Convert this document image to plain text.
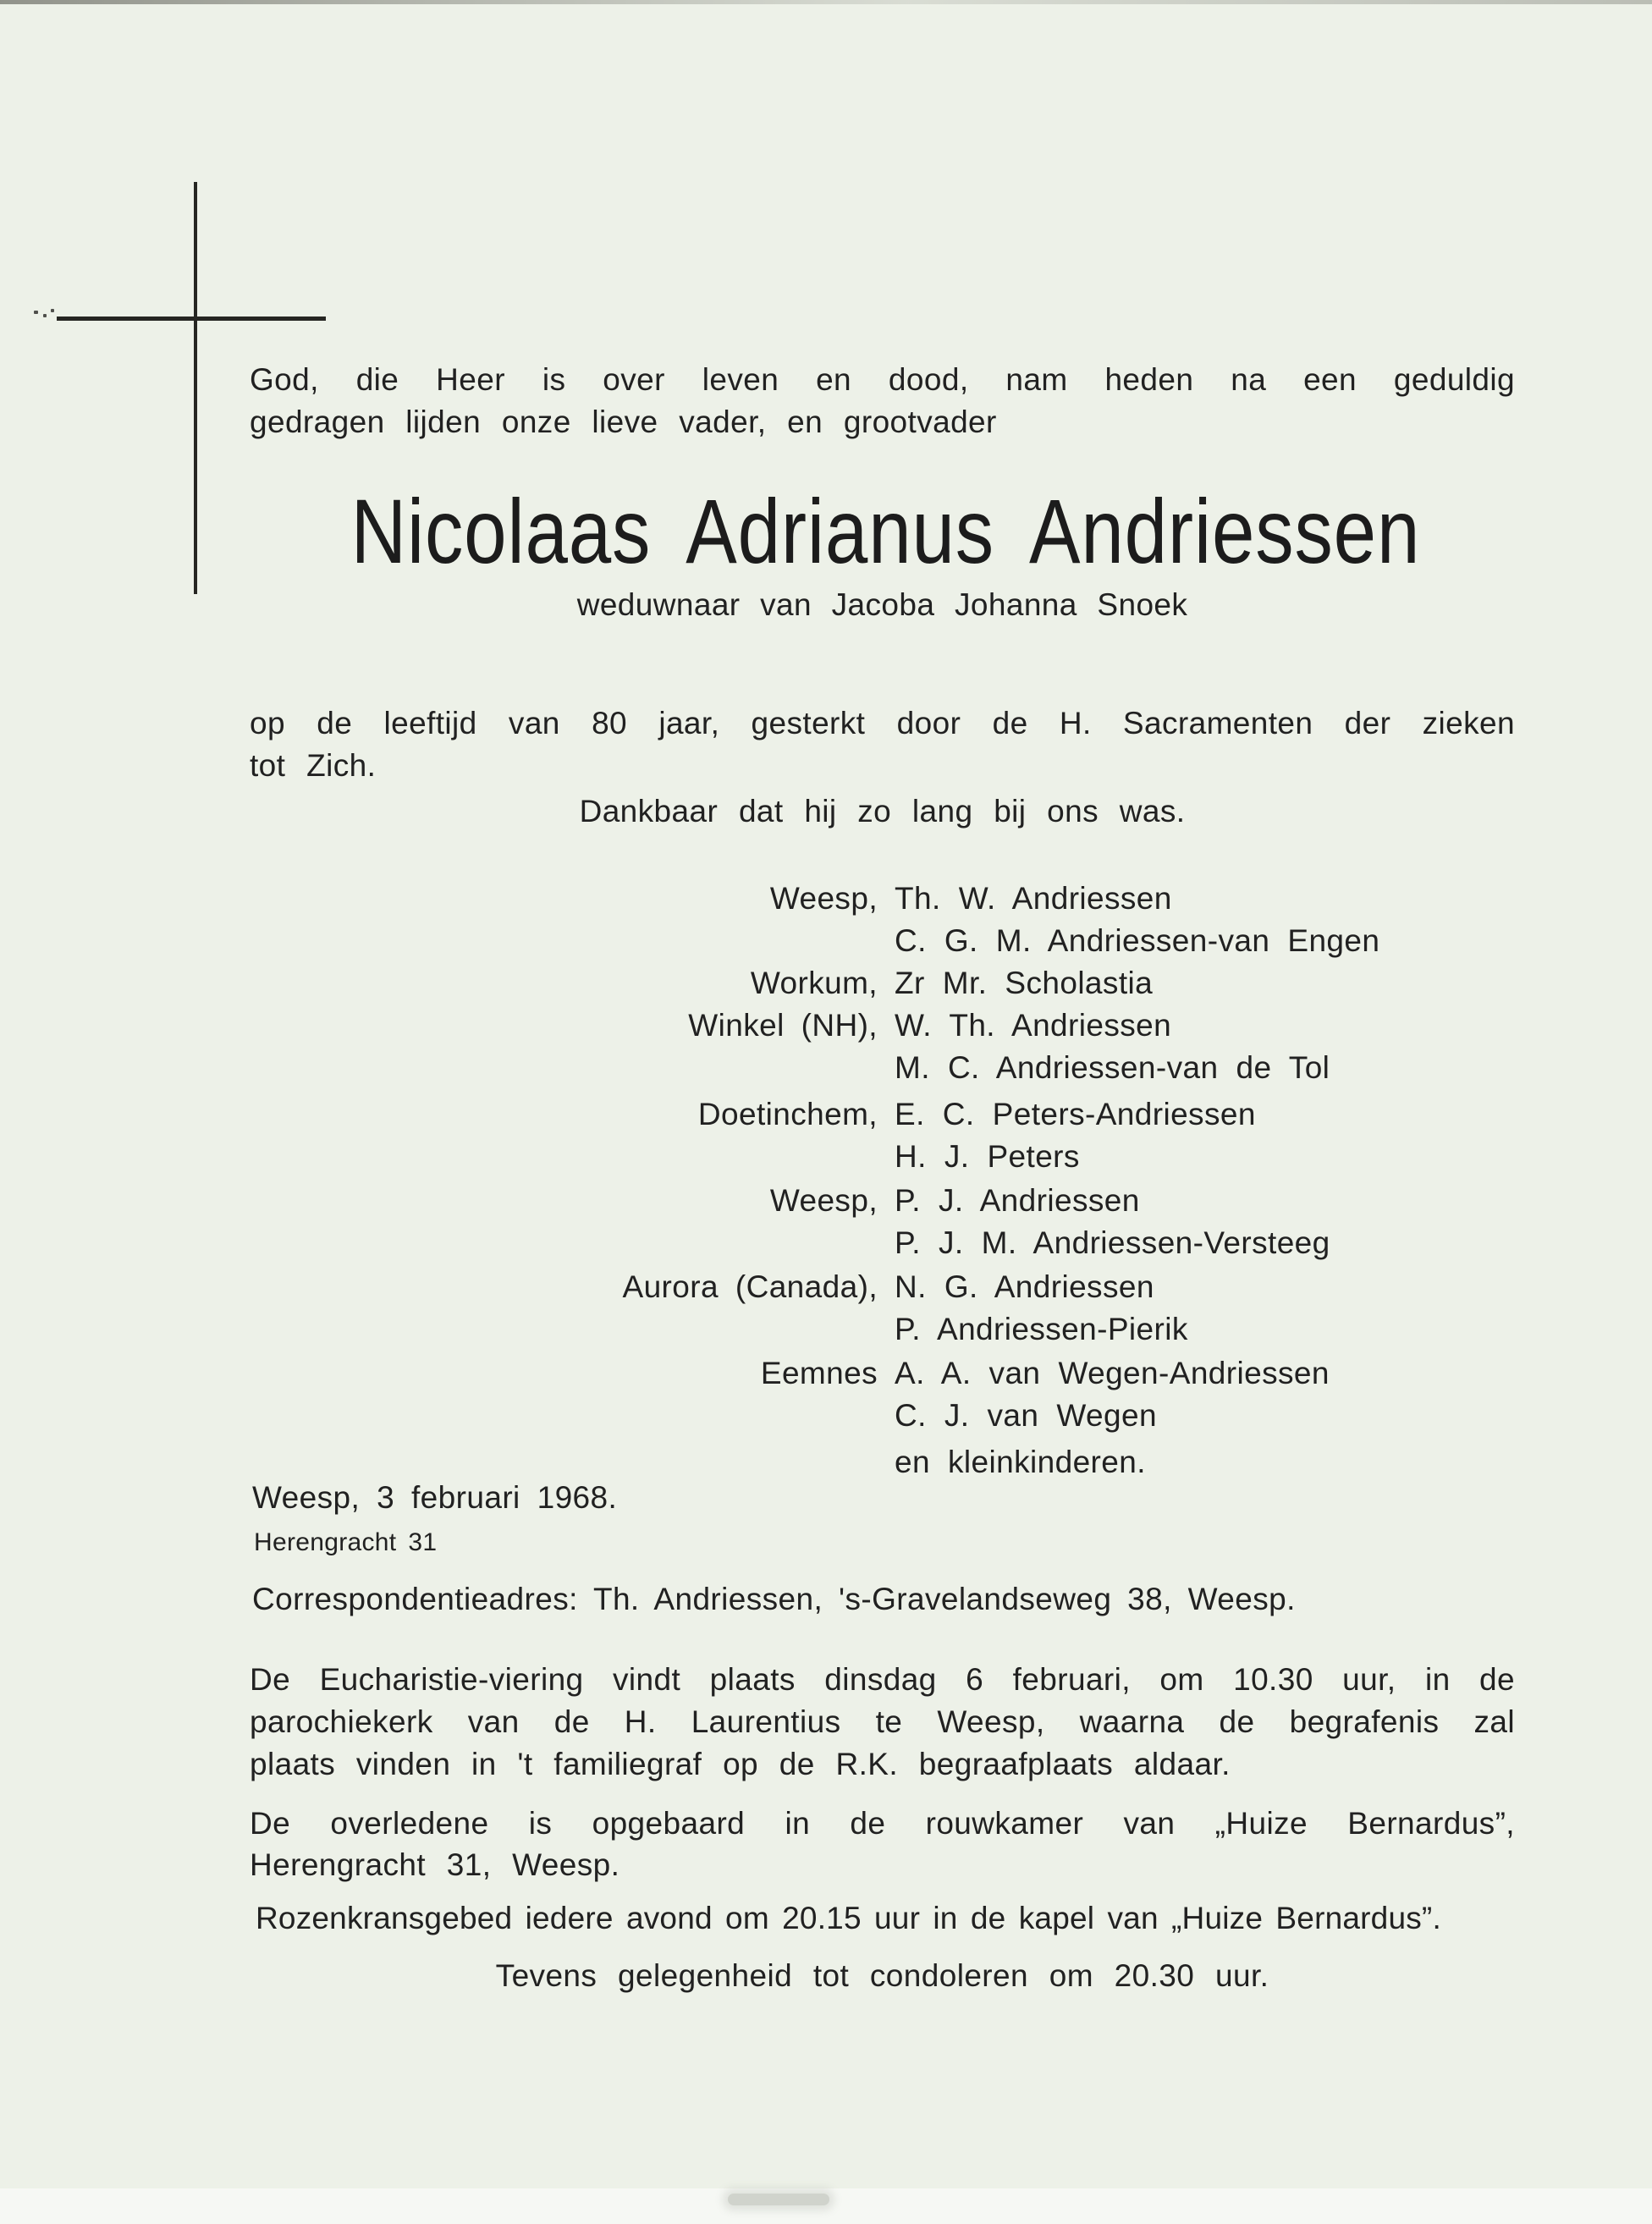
God, die Heer is over leven en dood, nam heden na een geduldig
gedragen lijden onze lieve vader, en grootvader
Nicolaas Adrianus Andriessen
weduwnaar van Jacoba Johanna Snoek
op de leeftijd van 80 jaar, gesterkt door de H. Sacramenten der zieken
tot Zich.
Dankbaar dat hij zo lang bij ons was.
Weesp, Th. W. Andriessen
C. G. M. Andriessen-van Engen
Workum, Zr Mr. Scholastia
Winkel (NH), W. Th. Andriessen
M. C. Andriessen-van de Tol
Doetinchem, E. C. Peters-Andriessen
H. J. Peters
Weesp, P. J. Andriessen
P. J. M. Andriessen-Versteeg
Aurora (Canada), N. G. Andriessen
P. Andriessen-Pierik
Eemnes A. A. van Wegen-Andriessen
C. J. van Wegen
en kleinkinderen.
Weesp, 3 februari 1968.
Herengracht 31
Correspondentieadres: Th. Andriessen, 's-Gravelandseweg 38, Weesp.
De Eucharistie-viering vindt plaats dinsdag 6 februari, om 10.30 uur, in de
parochiekerk van de H. Laurentius te Weesp, waarna de begrafenis zal
plaats vinden in 't familiegraf op de R.K. begraafplaats aldaar.
De overledene is opgebaard in de rouwkamer van „Huize Bernardus”,
Herengracht 31, Weesp.
Rozenkransgebed iedere avond om 20.15 uur in de kapel van „Huize Bernardus”.
Tevens gelegenheid tot condoleren om 20.30 uur.
